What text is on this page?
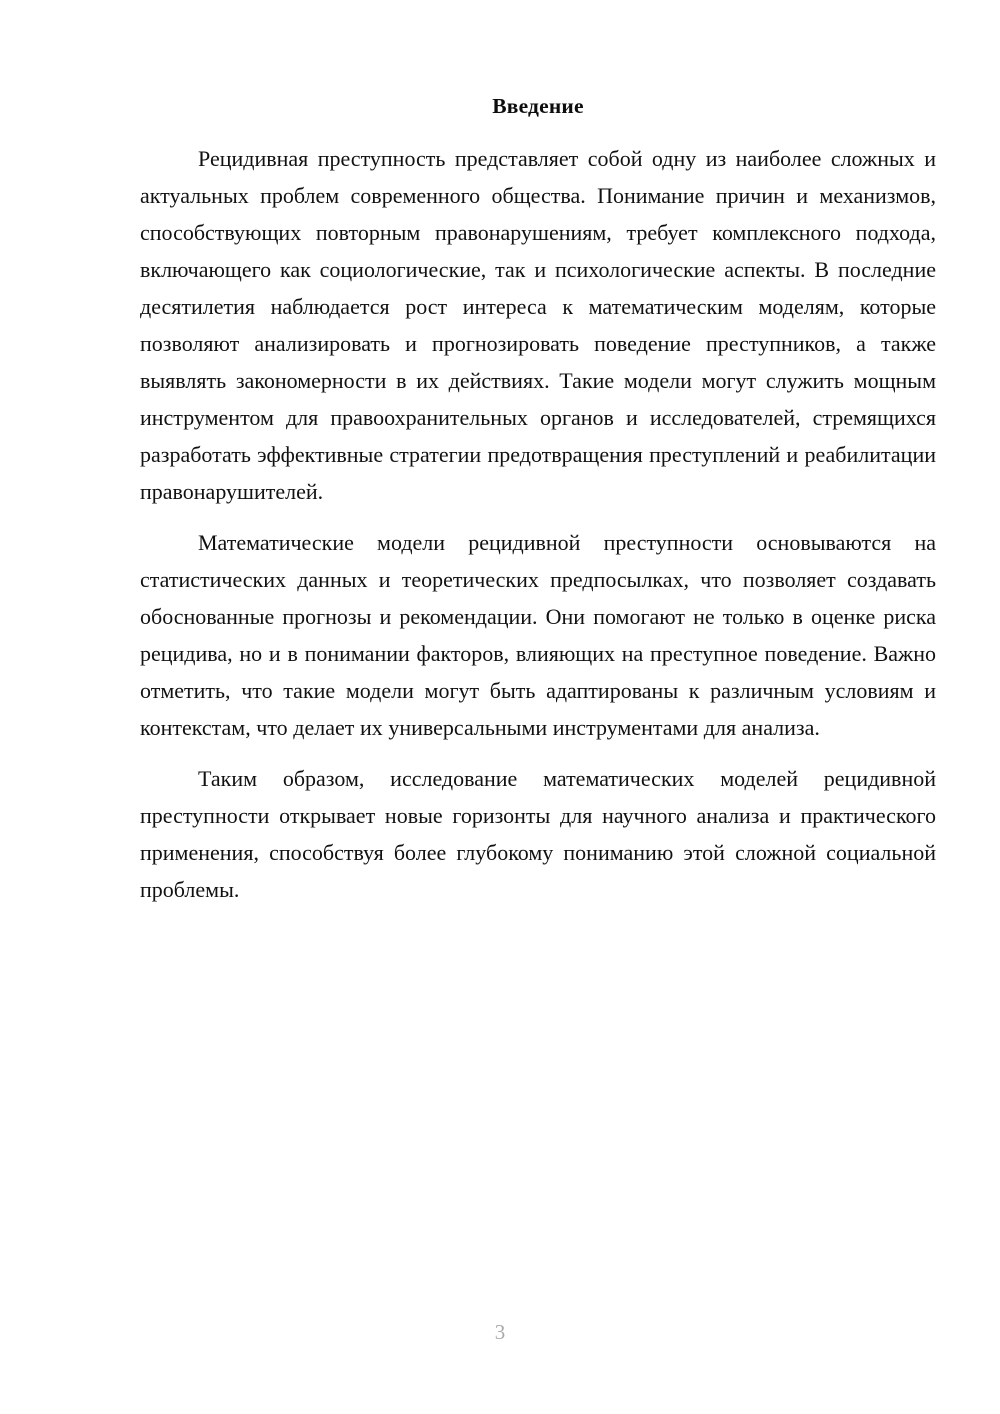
Введение

Рецидивная преступность представляет собой одну из наиболее сложных и актуальных проблем современного общества. Понимание причин и механизмов, способствующих повторным правонарушениям, требует комплексного подхода, включающего как социологические, так и психологические аспекты. В последние десятилетия наблюдается рост интереса к математическим моделям, которые позволяют анализировать и прогнозировать поведение преступников, а также выявлять закономерности в их действиях. Такие модели могут служить мощным инструментом для правоохранительных органов и исследователей, стремящихся разработать эффективные стратегии предотвращения преступлений и реабилитации правонарушителей.

Математические модели рецидивной преступности основываются на статистических данных и теоретических предпосылках, что позволяет создавать обоснованные прогнозы и рекомендации. Они помогают не только в оценке риска рецидива, но и в понимании факторов, влияющих на преступное поведение. Важно отметить, что такие модели могут быть адаптированы к различным условиям и контекстам, что делает их универсальными инструментами для анализа.

Таким образом, исследование математических моделей рецидивной преступности открывает новые горизонты для научного анализа и практического применения, способствуя более глубокому пониманию этой сложной социальной проблемы.

3
